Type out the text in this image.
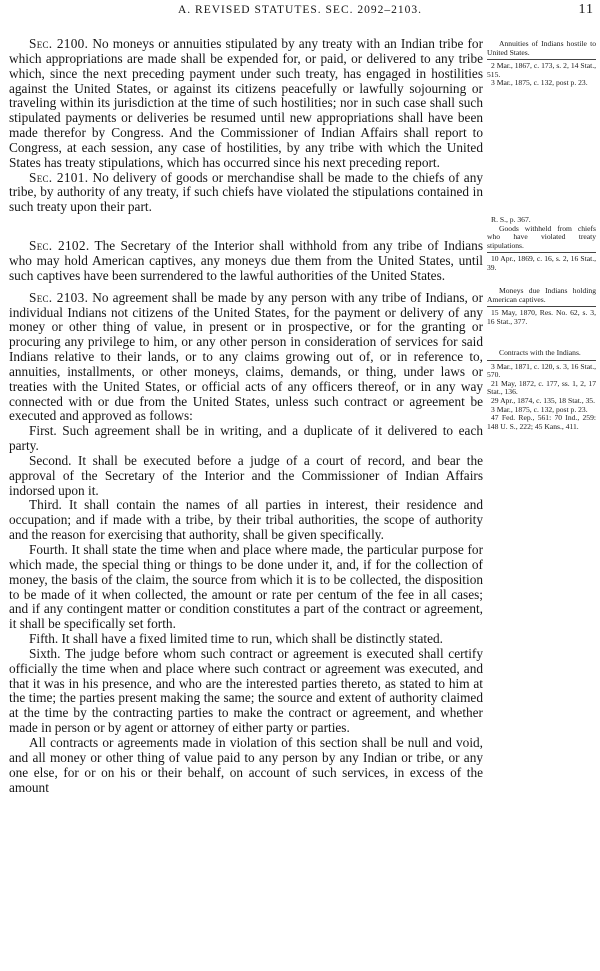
A. REVISED STATUTES. SEC. 2092–2103.	11

Sec. 2100. No moneys or annuities stipulated by any treaty with an Indian tribe for which appropriations are made shall be expended for, or paid, or delivered to any tribe which, since the next preceding payment under such treaty, has engaged in hostilities against the United States, or against its citizens peacefully or lawfully sojourning or traveling within its jurisdiction at the time of such hostilities; nor in such case shall such stipulated payments or deliveries be resumed until new appropriations shall have been made therefor by Congress. And the Commissioner of Indian Affairs shall report to Congress, at each session, any case of hostilities, by any tribe with which the United States has treaty stipulations, which has occurred since his next preceding report.

Sec. 2101. No delivery of goods or merchandise shall be made to the chiefs of any tribe, by authority of any treaty, if such chiefs have violated the stipulations contained in such treaty upon their part.

Sec. 2102. The Secretary of the Interior shall withhold from any tribe of Indians who may hold American captives, any moneys due them from the United States, until such captives have been surrendered to the lawful authorities of the United States.

Sec. 2103. No agreement shall be made by any person with any tribe of Indians, or individual Indians not citizens of the United States, for the payment or delivery of any money or other thing of value, in present or in prospective, or for the granting or procuring any privilege to him, or any other person in consideration of services for said Indians relative to their lands, or to any claims growing out of, or in reference to, annuities, installments, or other moneys, claims, demands, or thing, under laws or treaties with the United States, or official acts of any officers thereof, or in any way connected with or due from the United States, unless such contract or agreement be executed and approved as follows:

First. Such agreement shall be in writing, and a duplicate of it delivered to each party.

Second. It shall be executed before a judge of a court of record, and bear the approval of the Secretary of the Interior and the Commissioner of Indian Affairs indorsed upon it.

Third. It shall contain the names of all parties in interest, their residence and occupation; and if made with a tribe, by their tribal authorities, the scope of authority and the reason for exercising that authority, shall be given specifically.

Fourth. It shall state the time when and place where made, the particular purpose for which made, the special thing or things to be done under it, and, if for the collection of money, the basis of the claim, the source from which it is to be collected, the disposition to be made of it when collected, the amount or rate per centum of the fee in all cases; and if any contingent matter or condition constitutes a part of the contract or agreement, it shall be specifically set forth.

Fifth. It shall have a fixed limited time to run, which shall be distinctly stated.

Sixth. The judge before whom such contract or agreement is executed shall certify officially the time when and place where such contract or agreement was executed, and that it was in his presence, and who are the interested parties thereto, as stated to him at the time; the parties present making the same; the source and extent of authority claimed at the time by the contracting parties to make the contract or agreement, and whether made in person or by agent or attorney of either party or parties.

All contracts or agreements made in violation of this section shall be null and void, and all money or other thing of value paid to any person by any Indian or tribe, or any one else, for or on his or their behalf, on account of such services, in excess of the amount

Annuities of Indians hostile to United States.

2 Mar., 1867, c. 173, s. 2, 14 Stat., 515.

3 Mar., 1875, c. 132, post p. 23.

R. S., p. 367.

Goods withheld from chiefs who have violated treaty stipulations.

10 Apr., 1869, c. 16, s. 2, 16 Stat., 39.

Moneys due Indians holding American captives.

15 May, 1870, Res. No. 62, s. 3, 16 Stat., 377.

Contracts with the Indians.

3 Mar., 1871, c. 120, s. 3, 16 Stat., 570.

21 May, 1872, c. 177, ss. 1, 2, 17 Stat., 136.

29 Apr., 1874, c. 135, 18 Stat., 35.

3 Mar., 1875, c. 132, post p. 23.

47 Fed. Rep., 561: 70 Ind., 259: 148 U. S., 222; 45 Kans., 411.
